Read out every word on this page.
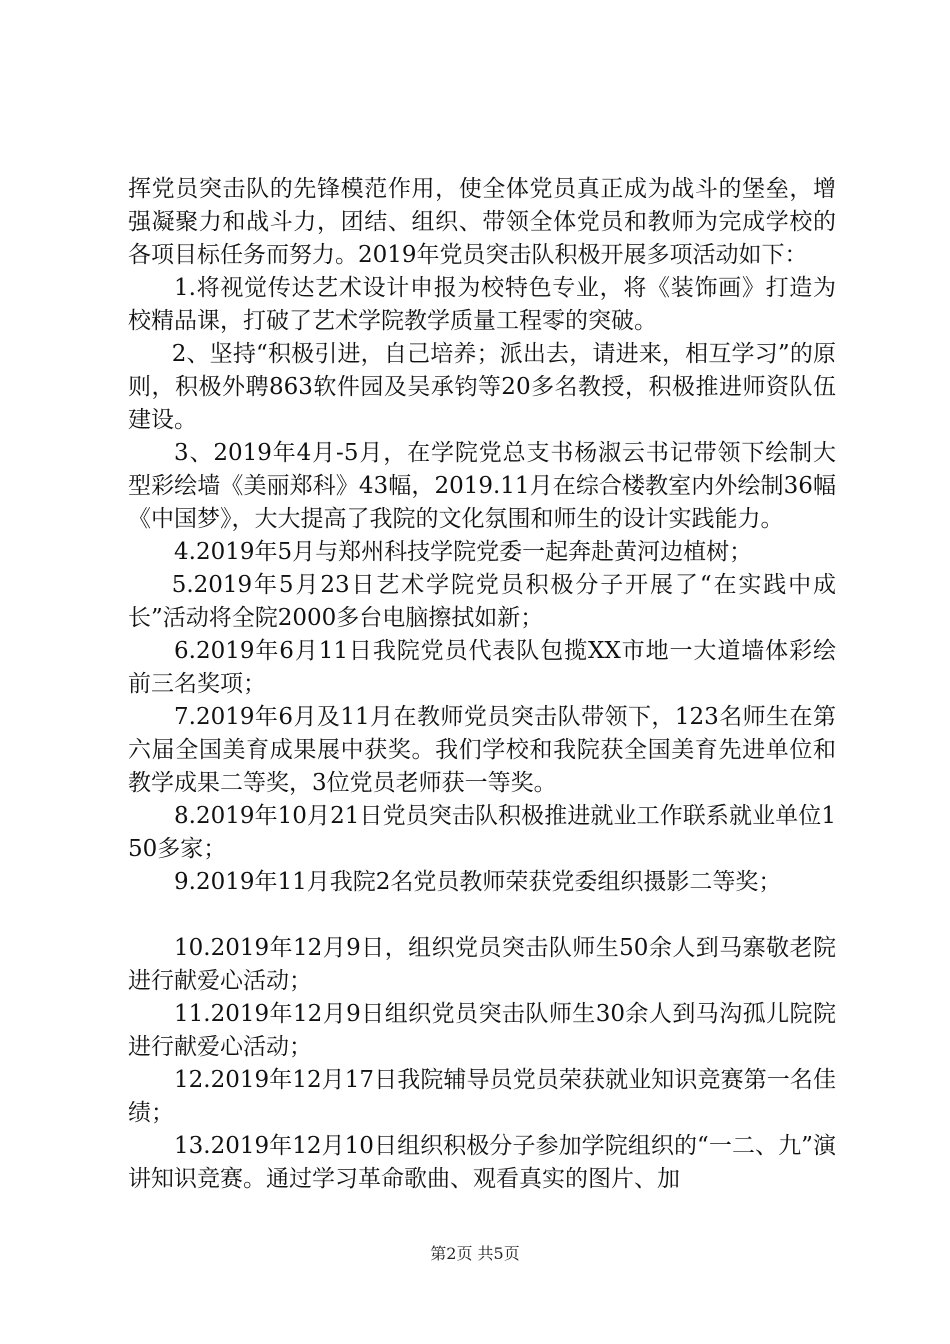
挥党员突击队的先锋模范作用，使全体党员真正成为战斗的堡垒，增强凝聚力和战斗力，团结、组织、带领全体党员和教师为完成学校的各项目标任务而努力。2019年党员突击队积极开展多项活动如下：

1.将视觉传达艺术设计申报为校特色专业，将《装饰画》打造为校精品课，打破了艺术学院教学质量工程零的突破。

2、坚持“积极引进，自己培养；派出去，请进来，相互学习”的原则，积极外聘863软件园及吴承钧等20多名教授，积极推进师资队伍建设。

3、2019年4月-5月，在学院党总支书杨淑云书记带领下绘制大型彩绘墙《美丽郑科》43幅，2019.11月在综合楼教室内外绘制36幅《中国梦》，大大提高了我院的文化氛围和师生的设计实践能力。

4.2019年5月与郑州科技学院党委一起奔赴黄河边植树；

5.2019年5月23日艺术学院党员积极分子开展了“在实践中成长”活动将全院2000多台电脑擦拭如新；

6.2019年6月11日我院党员代表队包揽XX市地一大道墙体彩绘前三名奖项；

7.2019年6月及11月在教师党员突击队带领下，123名师生在第六届全国美育成果展中获奖。我们学校和我院获全国美育先进单位和教学成果二等奖，3位党员老师获一等奖。

8.2019年10月21日党员突击队积极推进就业工作联系就业单位150多家；

9.2019年11月我院2名党员教师荣获党委组织摄影二等奖；

10.2019年12月9日，组织党员突击队师生50余人到马寨敬老院进行献爱心活动；

11.2019年12月9日组织党员突击队师生30余人到马沟孤儿院院进行献爱心活动；

12.2019年12月17日我院辅导员党员荣获就业知识竞赛第一名佳绩；

13.2019年12月10日组织积极分子参加学院组织的“一二、九”演讲知识竞赛。通过学习革命歌曲、观看真实的图片、加

第2页 共5页
